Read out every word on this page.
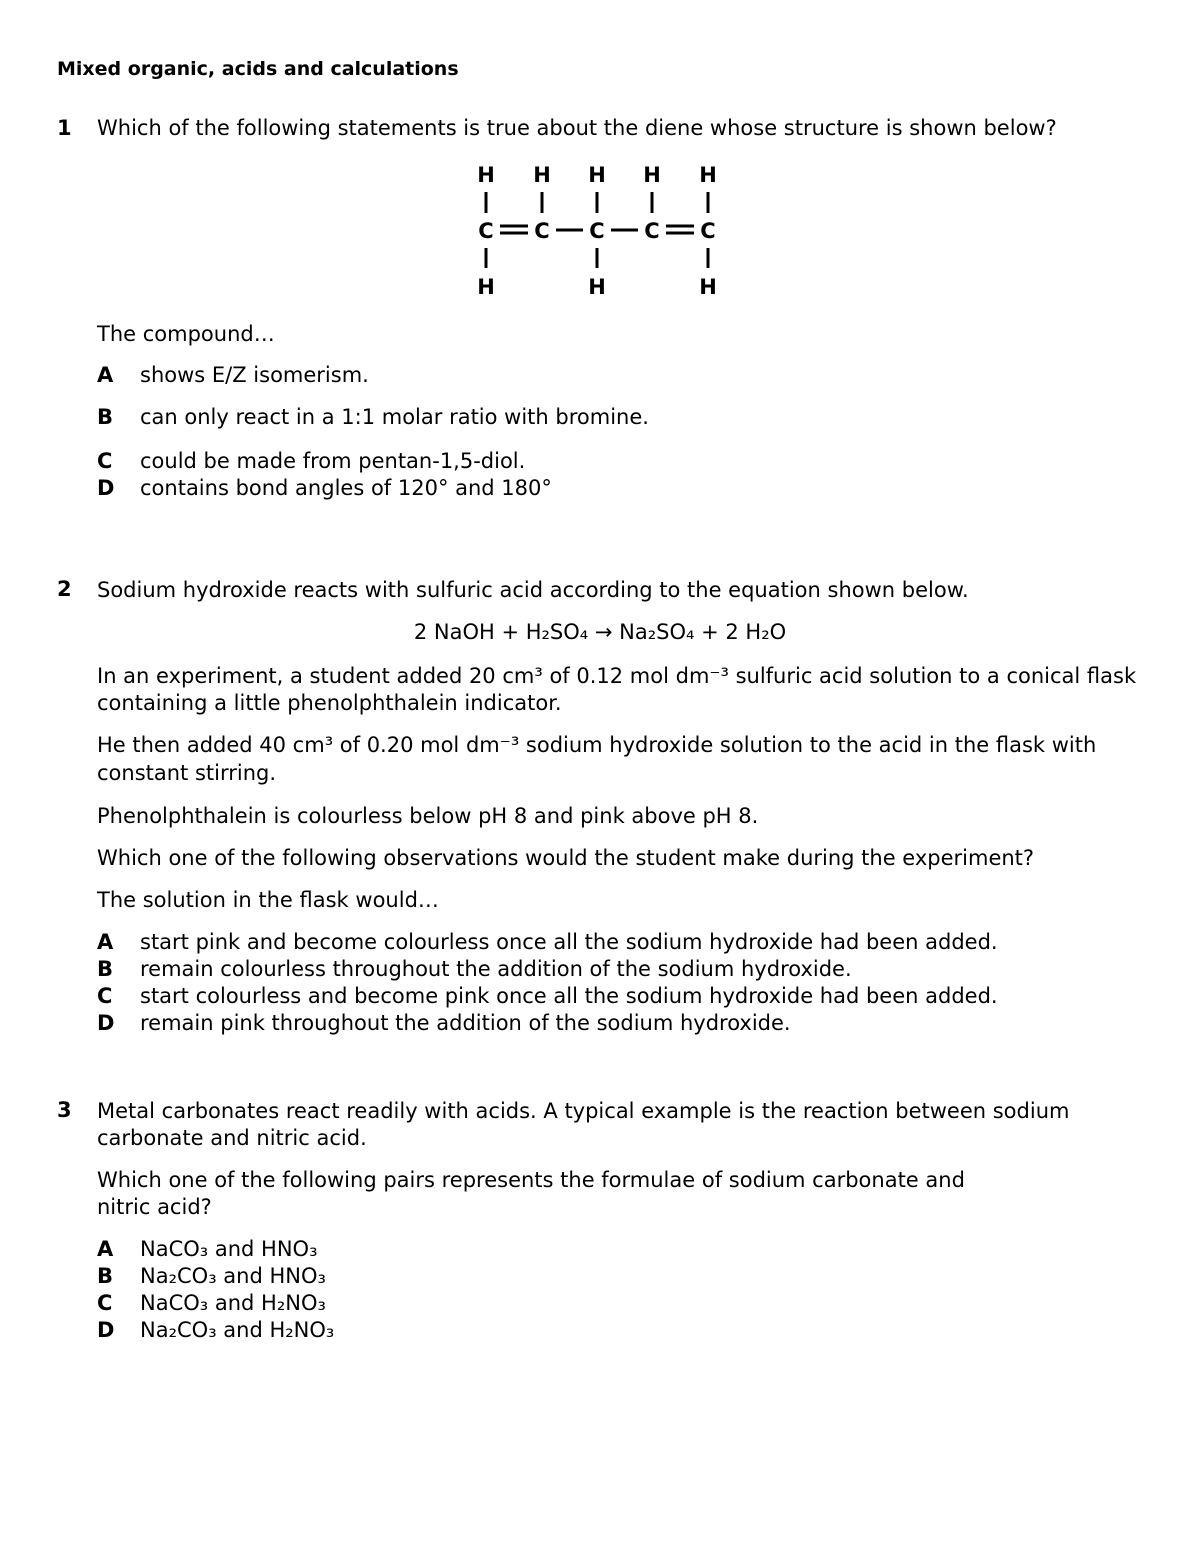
Mixed organic, acids and calculations
1 Which of the following statements is true about the diene whose structure is shown below?
H H H H H
C C C C C
H	H	H
The compound…
A shows E/Z isomerism.
B can only react in a 1:1 molar ratio with bromine.
C could be made from pentan-1,5-diol.
D contains bond angles of 120° and 180°
2 Sodium hydroxide reacts with sulfuric acid according to the equation shown below.
2 NaOH + H₂SO₄ → Na₂SO₄ + 2 H₂O
In an experiment, a student added 20 cm³ of 0.12 mol dm⁻³ sulfuric acid solution to a conical flask
containing a little phenolphthalein indicator.
He then added 40 cm³ of 0.20 mol dm⁻³ sodium hydroxide solution to the acid in the flask with
constant stirring.
Phenolphthalein is colourless below pH 8 and pink above pH 8.
Which one of the following observations would the student make during the experiment?
The solution in the flask would…
A start pink and become colourless once all the sodium hydroxide had been added.
B remain colourless throughout the addition of the sodium hydroxide.
C start colourless and become pink once all the sodium hydroxide had been added.
D remain pink throughout the addition of the sodium hydroxide.
3 Metal carbonates react readily with acids. A typical example is the reaction between sodium
carbonate and nitric acid.
Which one of the following pairs represents the formulae of sodium carbonate and
nitric acid?
A NaCO₃ and HNO₃
B Na₂CO₃ and HNO₃
C NaCO₃ and H₂NO₃
D Na₂CO₃ and H₂NO₃
